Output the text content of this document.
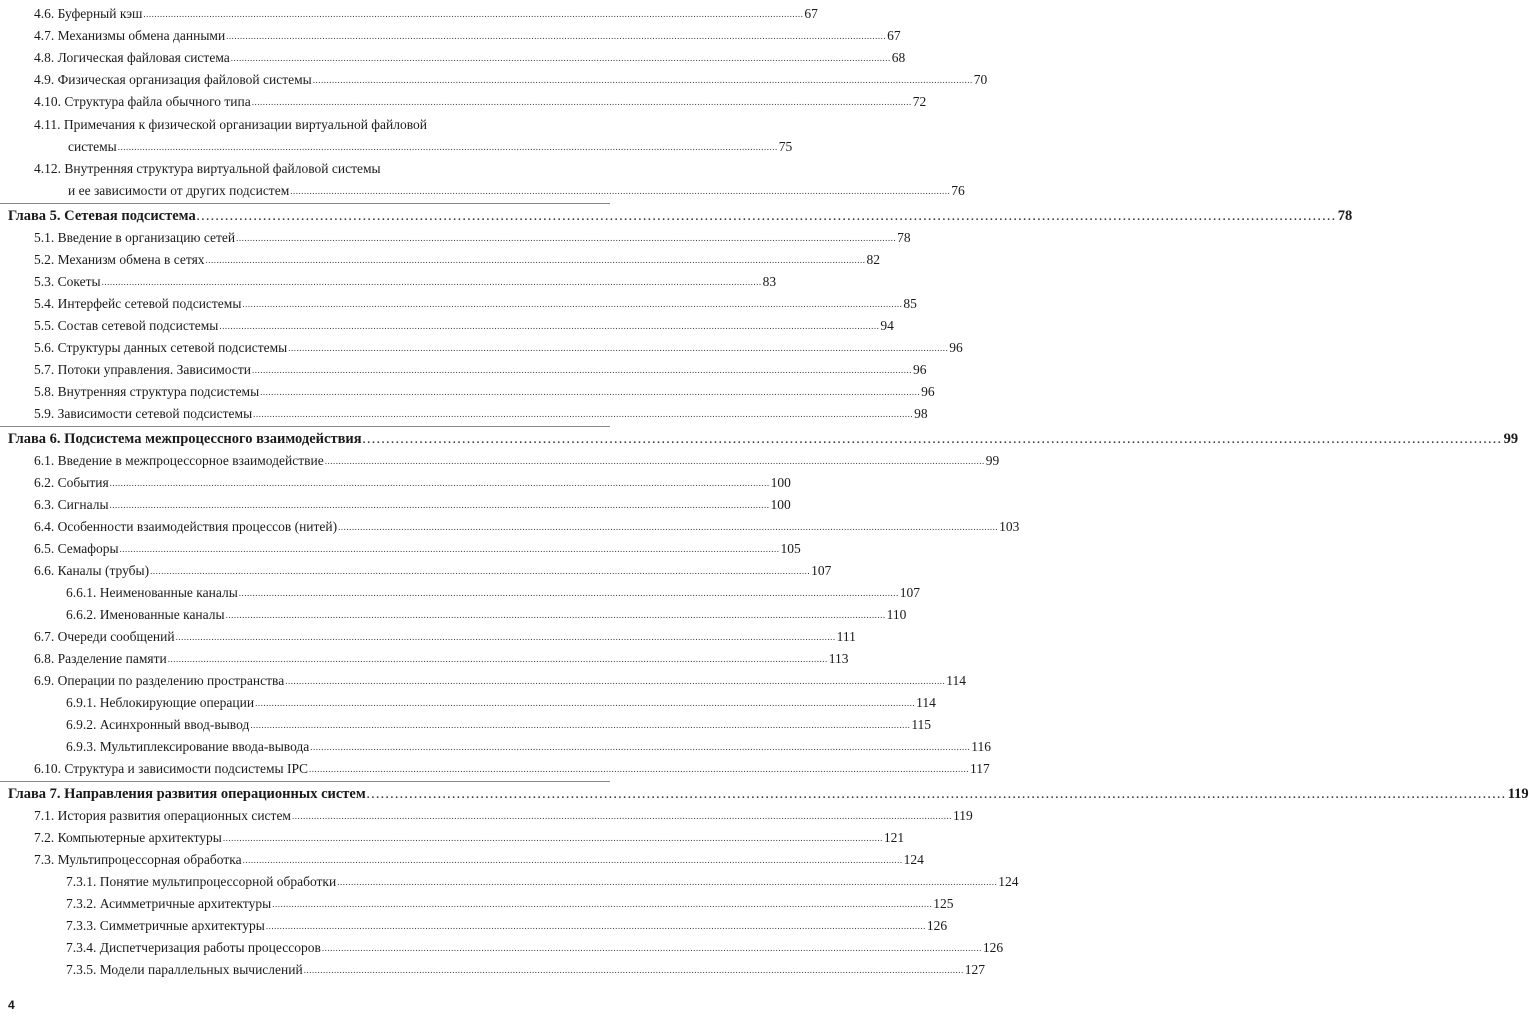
4.6. Буферный кэш .....	67
4.7. Механизмы обмена данными .....	67
4.8. Логическая файловая система .....	68
4.9. Физическая организация файловой системы .....	70
4.10. Структура файла обычного типа .....	72
4.11. Примечания к физической организации виртуальной файловой
системы .....	75
4.12. Внутренняя структура виртуальной файловой системы
и ее зависимости от других подсистем .....	76
Глава 5. Сетевая подсистема .....	78
5.1. Введение в организацию сетей .....	78
5.2. Механизм обмена в сетях .....	82
5.3. Сокеты .....	83
5.4. Интерфейс сетевой подсистемы .....	85
5.5. Состав сетевой подсистемы .....	94
5.6. Структуры данных сетевой подсистемы .....	96
5.7. Потоки управления. Зависимости .....	96
5.8. Внутренняя структура подсистемы .....	96
5.9. Зависимости сетевой подсистемы .....	98
Глава 6. Подсистема межпроцессного взаимодействия .....	99
6.1. Введение в межпроцессорное взаимодействие .....	99
6.2. События .....	100
6.3. Сигналы .....	100
6.4. Особенности взаимодействия процессов (нитей) .....	103
6.5. Семафоры .....	105
6.6. Каналы (трубы) .....	107
6.6.1. Неименованные каналы .....	107
6.6.2. Именованные каналы .....	110
6.7. Очереди сообщений .....	111
6.8. Разделение памяти .....	113
6.9. Операции по разделению пространства .....	114
6.9.1. Неблокирующие операции .....	114
6.9.2. Асинхронный ввод-вывод .....	115
6.9.3. Мультиплексирование ввода-вывода .....	116
6.10. Структура и зависимости подсистемы IPC .....	117
Глава 7. Направления развития операционных систем .....	119
7.1. История развития операционных систем .....	119
7.2. Компьютерные архитектуры .....	121
7.3. Мультипроцессорная обработка .....	124
7.3.1. Понятие мультипроцессорной обработки .....	124
7.3.2. Асимметричные архитектуры .....	125
7.3.3. Симметричные архитектуры .....	126
7.3.4. Диспетчеризация работы процессоров .....	126
7.3.5. Модели параллельных вычислений .....	127
4
